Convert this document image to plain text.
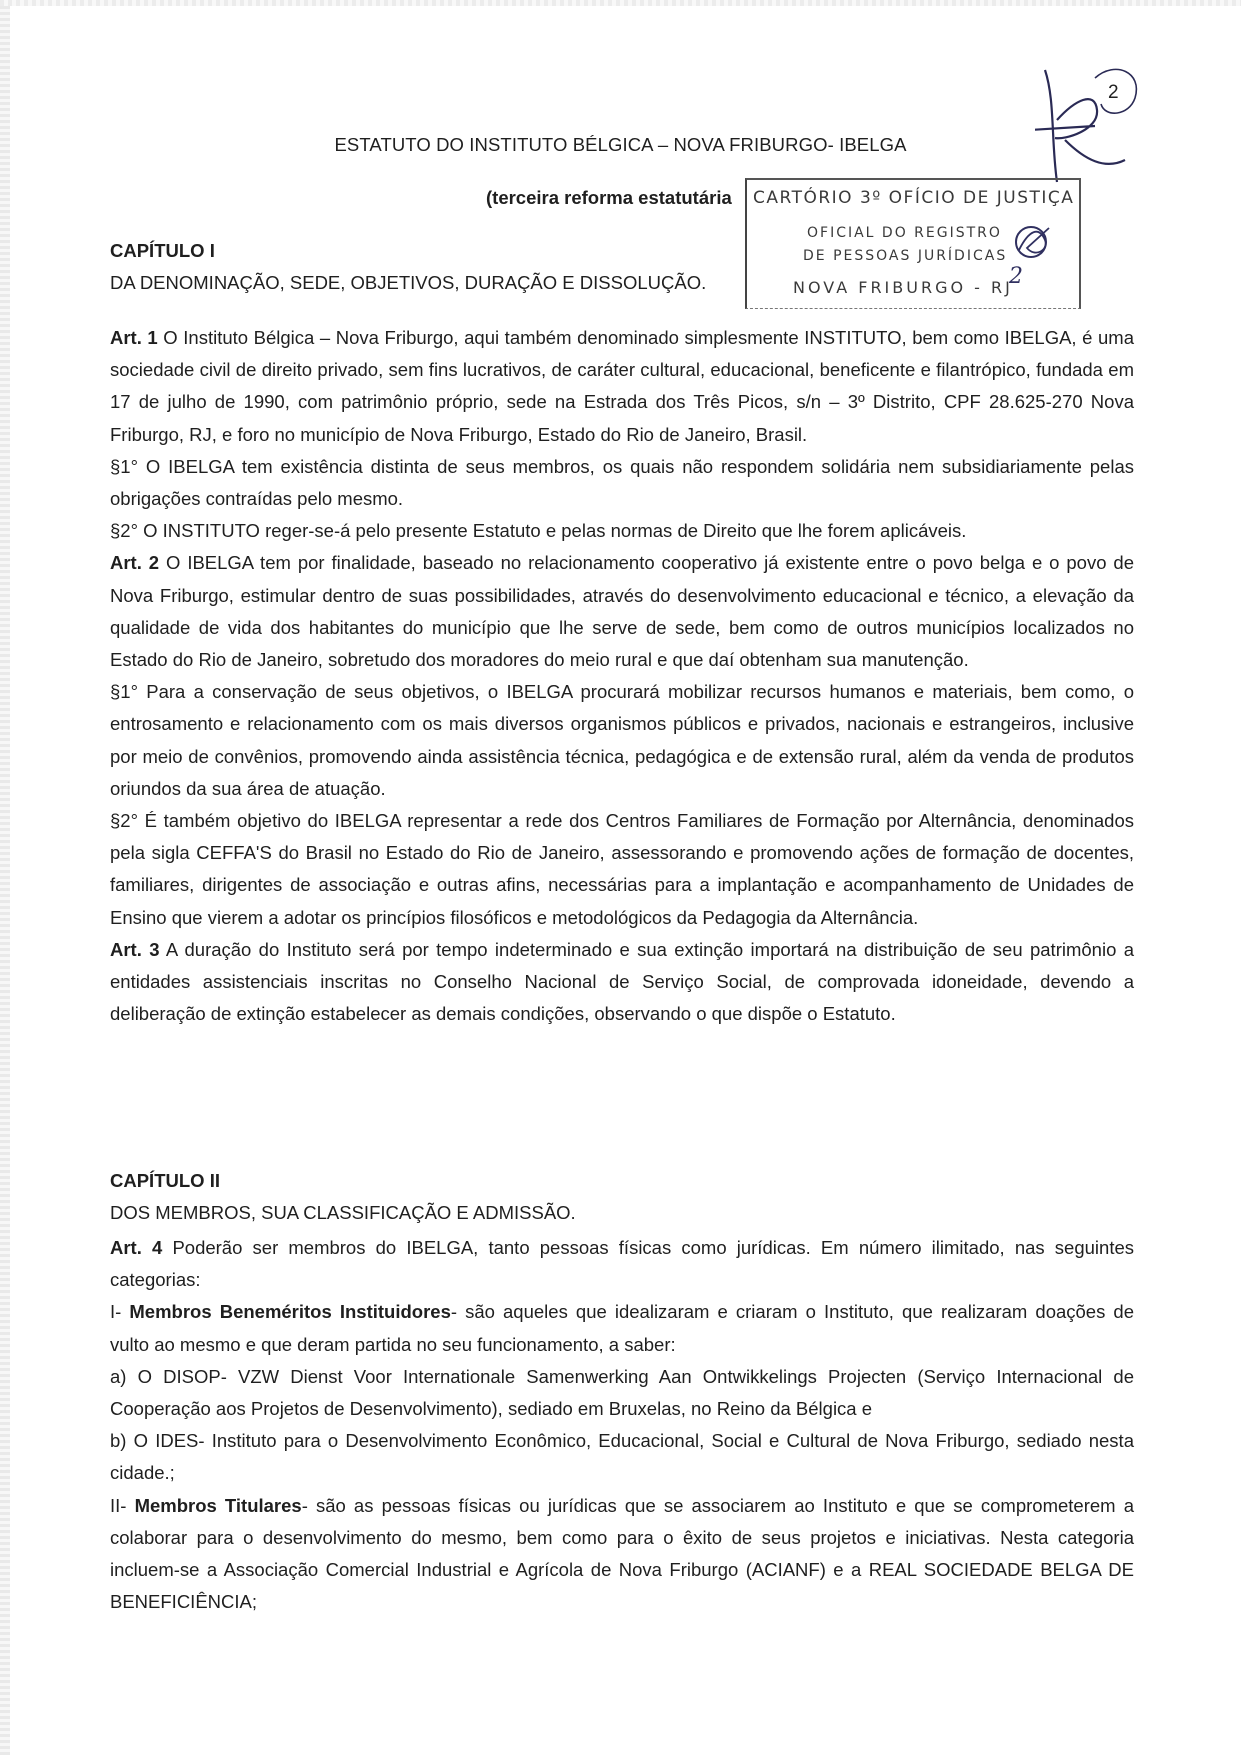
ESTATUTO DO INSTITUTO BÉLGICA – NOVA FRIBURGO- IBELGA
(terceira reforma estatutária
2
CARTÓRIO 3º OFÍCIO DE JUSTIÇA
OFICIAL DO REGISTRO
DE PESSOAS JURÍDICAS
NOVA FRIBURGO - RJ
2
CAPÍTULO I
DA DENOMINAÇÃO, SEDE, OBJETIVOS, DURAÇÃO E DISSOLUÇÃO.

Art. 1 O Instituto Bélgica – Nova Friburgo, aqui também denominado simplesmente INSTITUTO, bem como IBELGA, é uma sociedade civil de direito privado, sem fins lucrativos, de caráter cultural, educacional, beneficente e filantrópico, fundada em 17 de julho de 1990, com patrimônio próprio, sede na Estrada dos Três Picos, s/n – 3º Distrito, CPF 28.625-270 Nova Friburgo, RJ, e foro no município de Nova Friburgo, Estado do Rio de Janeiro, Brasil.

§1° O IBELGA tem existência distinta de seus membros, os quais não respondem solidária nem subsidiariamente pelas obrigações contraídas pelo mesmo.

§2° O INSTITUTO reger-se-á pelo presente Estatuto e pelas normas de Direito que lhe forem aplicáveis.

Art. 2 O IBELGA tem por finalidade, baseado no relacionamento cooperativo já existente entre o povo belga e o povo de Nova Friburgo, estimular dentro de suas possibilidades, através do desenvolvimento educacional e técnico, a elevação da qualidade de vida dos habitantes do município que lhe serve de sede, bem como de outros municípios localizados no Estado do Rio de Janeiro, sobretudo dos moradores do meio rural e que daí obtenham sua manutenção.

§1° Para a conservação de seus objetivos, o IBELGA procurará mobilizar recursos humanos e materiais, bem como, o entrosamento e relacionamento com os mais diversos organismos públicos e privados, nacionais e estrangeiros, inclusive por meio de convênios, promovendo ainda assistência técnica, pedagógica e de extensão rural, além da venda de produtos oriundos da sua área de atuação.

§2° É também objetivo do IBELGA representar a rede dos Centros Familiares de Formação por Alternância, denominados pela sigla CEFFA'S do Brasil no Estado do Rio de Janeiro, assessorando e promovendo ações de formação de docentes, familiares, dirigentes de associação e outras afins, necessárias para a implantação e acompanhamento de Unidades de Ensino que vierem a adotar os princípios filosóficos e metodológicos da Pedagogia da Alternância.

Art. 3 A duração do Instituto será por tempo indeterminado e sua extinção importará na distribuição de seu patrimônio a entidades assistenciais inscritas no Conselho Nacional de Serviço Social, de comprovada idoneidade, devendo a deliberação de extinção estabelecer as demais condições, observando o que dispõe o Estatuto.

CAPÍTULO II
DOS MEMBROS, SUA CLASSIFICAÇÃO E ADMISSÃO.

Art. 4 Poderão ser membros do IBELGA, tanto pessoas físicas como jurídicas. Em número ilimitado, nas seguintes categorias:

I- Membros Beneméritos Instituidores- são aqueles que idealizaram e criaram o Instituto, que realizaram doações de vulto ao mesmo e que deram partida no seu funcionamento, a saber:

a) O DISOP- VZW Dienst Voor Internationale Samenwerking Aan Ontwikkelings Projecten (Serviço Internacional de Cooperação aos Projetos de Desenvolvimento), sediado em Bruxelas, no Reino da Bélgica e

b) O IDES- Instituto para o Desenvolvimento Econômico, Educacional, Social e Cultural de Nova Friburgo, sediado nesta cidade.;

II- Membros Titulares- são as pessoas físicas ou jurídicas que se associarem ao Instituto e que se comprometerem a colaborar para o desenvolvimento do mesmo, bem como para o êxito de seus projetos e iniciativas. Nesta categoria incluem-se a Associação Comercial Industrial e Agrícola de Nova Friburgo (ACIANF) e a REAL SOCIEDADE BELGA DE BENEFICIÊNCIA;
